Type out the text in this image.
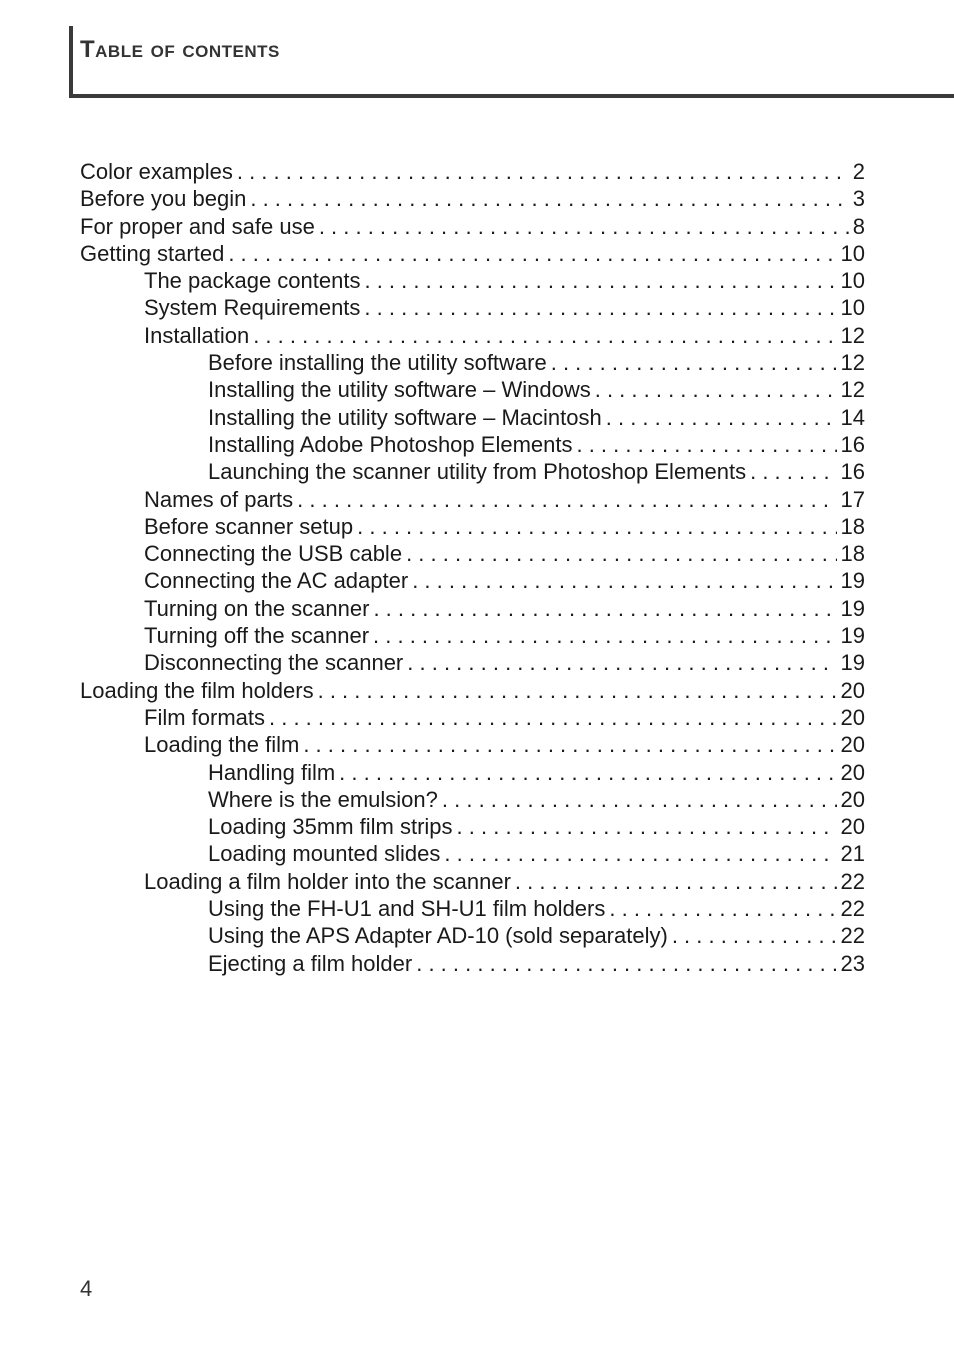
Table of contents
Color examples . . .	2
Before you begin . . .	3
For proper and safe use . . .	8
Getting started . . .	10
The package contents . . .	10
System Requirements . . .	10
Installation . . .	12
Before installing the utility software . . .	12
Installing the utility software – Windows . . .	12
Installing the utility software – Macintosh . . .	14
Installing Adobe Photoshop Elements . . .	16
Launching the scanner utility from Photoshop Elements . . .	16
Names of parts . . .	17
Before scanner setup . . .	18
Connecting the USB cable . . .	18
Connecting the AC adapter . . .	19
Turning on the scanner . . .	19
Turning off the scanner . . .	19
Disconnecting the scanner . . .	19
Loading the film holders . . .	20
Film formats . . .	20
Loading the film . . .	20
Handling film . . .	20
Where is the emulsion? . . .	20
Loading 35mm film strips . . .	20
Loading mounted slides . . .	21
Loading a film holder into the scanner . . .	22
Using the FH-U1 and SH-U1 film holders . . .	22
Using the APS Adapter AD-10 (sold separately) . . .	22
Ejecting a film holder . . .	23
4
